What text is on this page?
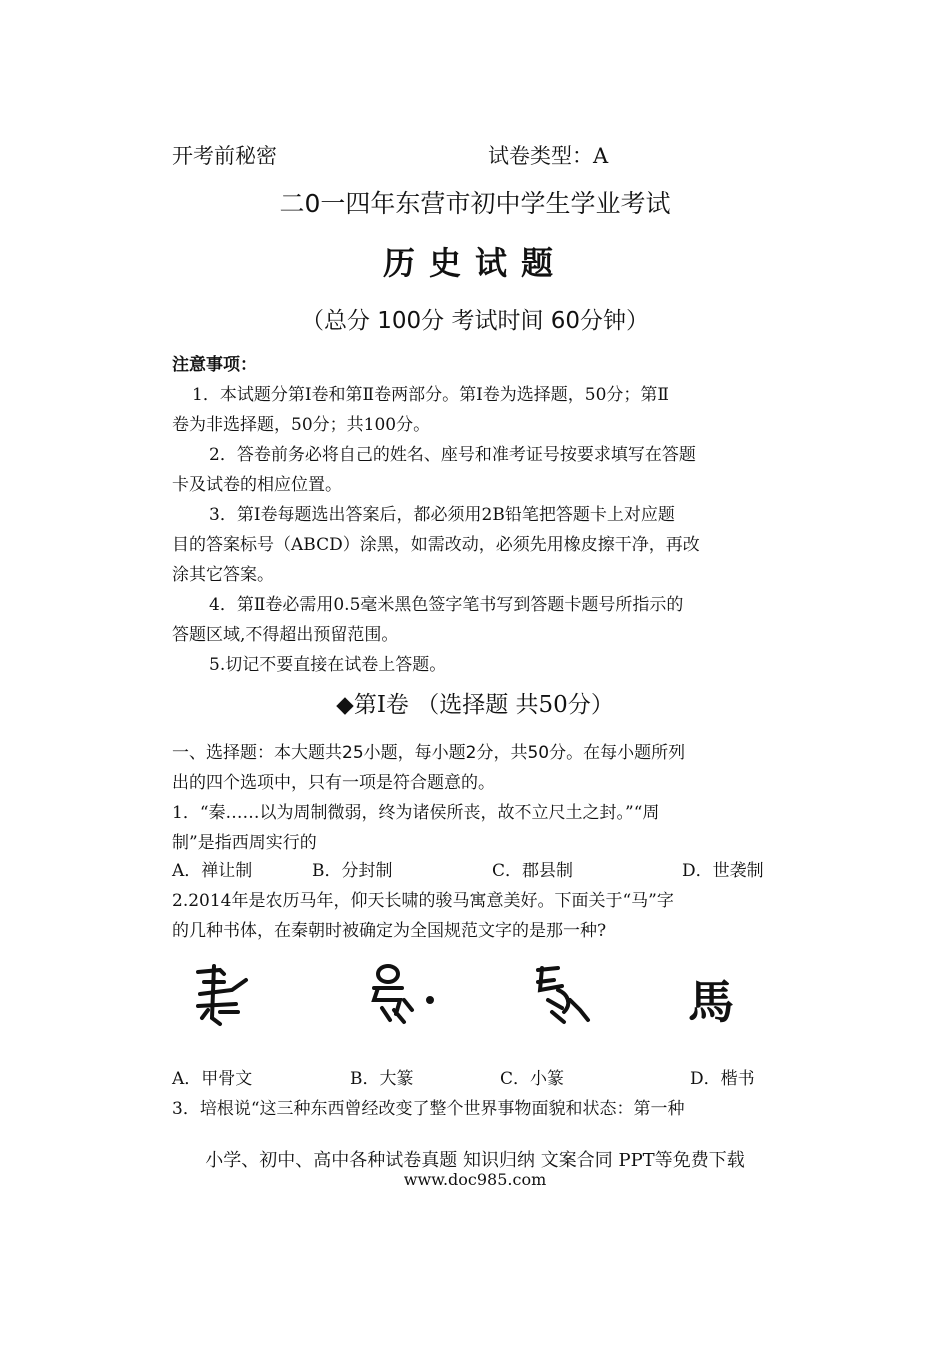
开考前秘密	试卷类型：A
二0一四年东营市初中学生学业考试
历史试题
（总分 100分 考试时间 60分钟）
注意事项：
1．本试题分第Ⅰ卷和第Ⅱ卷两部分。第Ⅰ卷为选择题，50分；第Ⅱ
卷为非选择题，50分；共100分。
2．答卷前务必将自己的姓名、座号和准考证号按要求填写在答题
卡及试卷的相应位置。
3．第Ⅰ卷每题选出答案后，都必须用2B铅笔把答题卡上对应题
目的答案标号（ABCD）涂黑，如需改动，必须先用橡皮擦干净，再改
涂其它答案。
4．第Ⅱ卷必需用0.5毫米黑色签字笔书写到答题卡题号所指示的
答题区域,不得超出预留范围。
5.切记不要直接在试卷上答题。
◆第Ⅰ卷 （选择题 共50分）
一、选择题：本大题共25小题，每小题2分，共50分。在每小题所列
出的四个选项中，只有一项是符合题意的。
1．“秦……以为周制微弱，终为诸侯所丧，故不立尺土之封。”“周
制”是指西周实行的
A．禅让制	B．分封制	C．郡县制	D．世袭制
2.2014年是农历马年，仰天长啸的骏马寓意美好。下面关于“马”字
的几种书体，在秦朝时被确定为全国规范文字的是那一种?
馬
A．甲骨文	B．大篆	C．小篆	D．楷书
3．培根说“这三种东西曾经改变了整个世界事物面貌和状态：第一种
小学、初中、高中各种试卷真题 知识归纳 文案合同 PPT等免费下载
www.doc985.com
